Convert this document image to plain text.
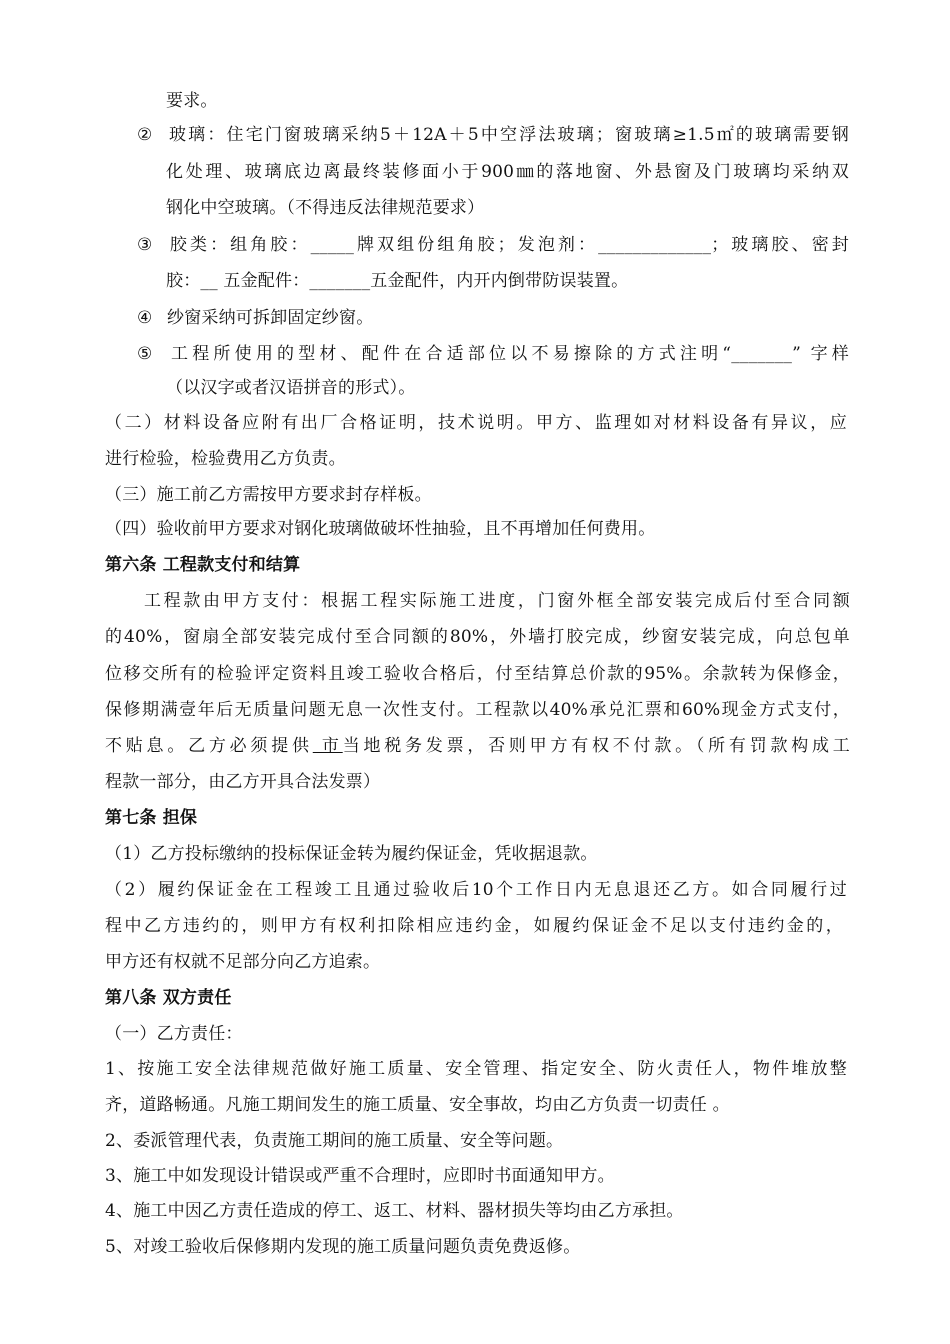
要求。
② 玻璃：住宅门窗玻璃采纳5＋12A＋5中空浮法玻璃；窗玻璃≥1.5㎡的玻璃需要钢
化处理、玻璃底边离最终装修面小于900㎜的落地窗、外悬窗及门玻璃均采纳双
钢化中空玻璃。（不得违反法律规范要求）
③ 胶类：组角胶：_____牌双组份组角胶；发泡剂：_____________；玻璃胶、密封
胶：__ 五金配件：_______五金配件，内开内倒带防误装置。
④ 纱窗采纳可拆卸固定纱窗。
⑤ 工程所使用的型材、配件在合适部位以不易擦除的方式注明“_______” 字样
（以汉字或者汉语拼音的形式）。
（二）材料设备应附有出厂合格证明，技术说明。甲方、监理如对材料设备有异议，应
进行检验，检验费用乙方负责。
（三）施工前乙方需按甲方要求封存样板。
（四）验收前甲方要求对钢化玻璃做破坏性抽验，且不再增加任何费用。
第六条 工程款支付和结算
工程款由甲方支付：根据工程实际施工进度，门窗外框全部安装完成后付至合同额
的40%，窗扇全部安装完成付至合同额的80%，外墙打胶完成，纱窗安装完成，向总包单
位移交所有的检验评定资料且竣工验收合格后，付至结算总价款的95%。余款转为保修金，
保修期满壹年后无质量问题无息一次性支付。工程款以40%承兑汇票和60%现金方式支付，
不贴息。乙方必须提供 市当地税务发票，否则甲方有权不付款。（所有罚款构成工
程款一部分，由乙方开具合法发票）
第七条 担保
（1）乙方投标缴纳的投标保证金转为履约保证金，凭收据退款。
（2）履约保证金在工程竣工且通过验收后10个工作日内无息退还乙方。如合同履行过
程中乙方违约的，则甲方有权利扣除相应违约金，如履约保证金不足以支付违约金的，
甲方还有权就不足部分向乙方追索。
第八条 双方责任
（一）乙方责任：
1、按施工安全法律规范做好施工质量、安全管理、指定安全、防火责任人，物件堆放整
齐，道路畅通。凡施工期间发生的施工质量、安全事故，均由乙方负责一切责任 。
2、委派管理代表，负责施工期间的施工质量、安全等问题。
3、施工中如发现设计错误或严重不合理时，应即时书面通知甲方。
4、施工中因乙方责任造成的停工、返工、材料、器材损失等均由乙方承担。
5、对竣工验收后保修期内发现的施工质量问题负责免费返修。
